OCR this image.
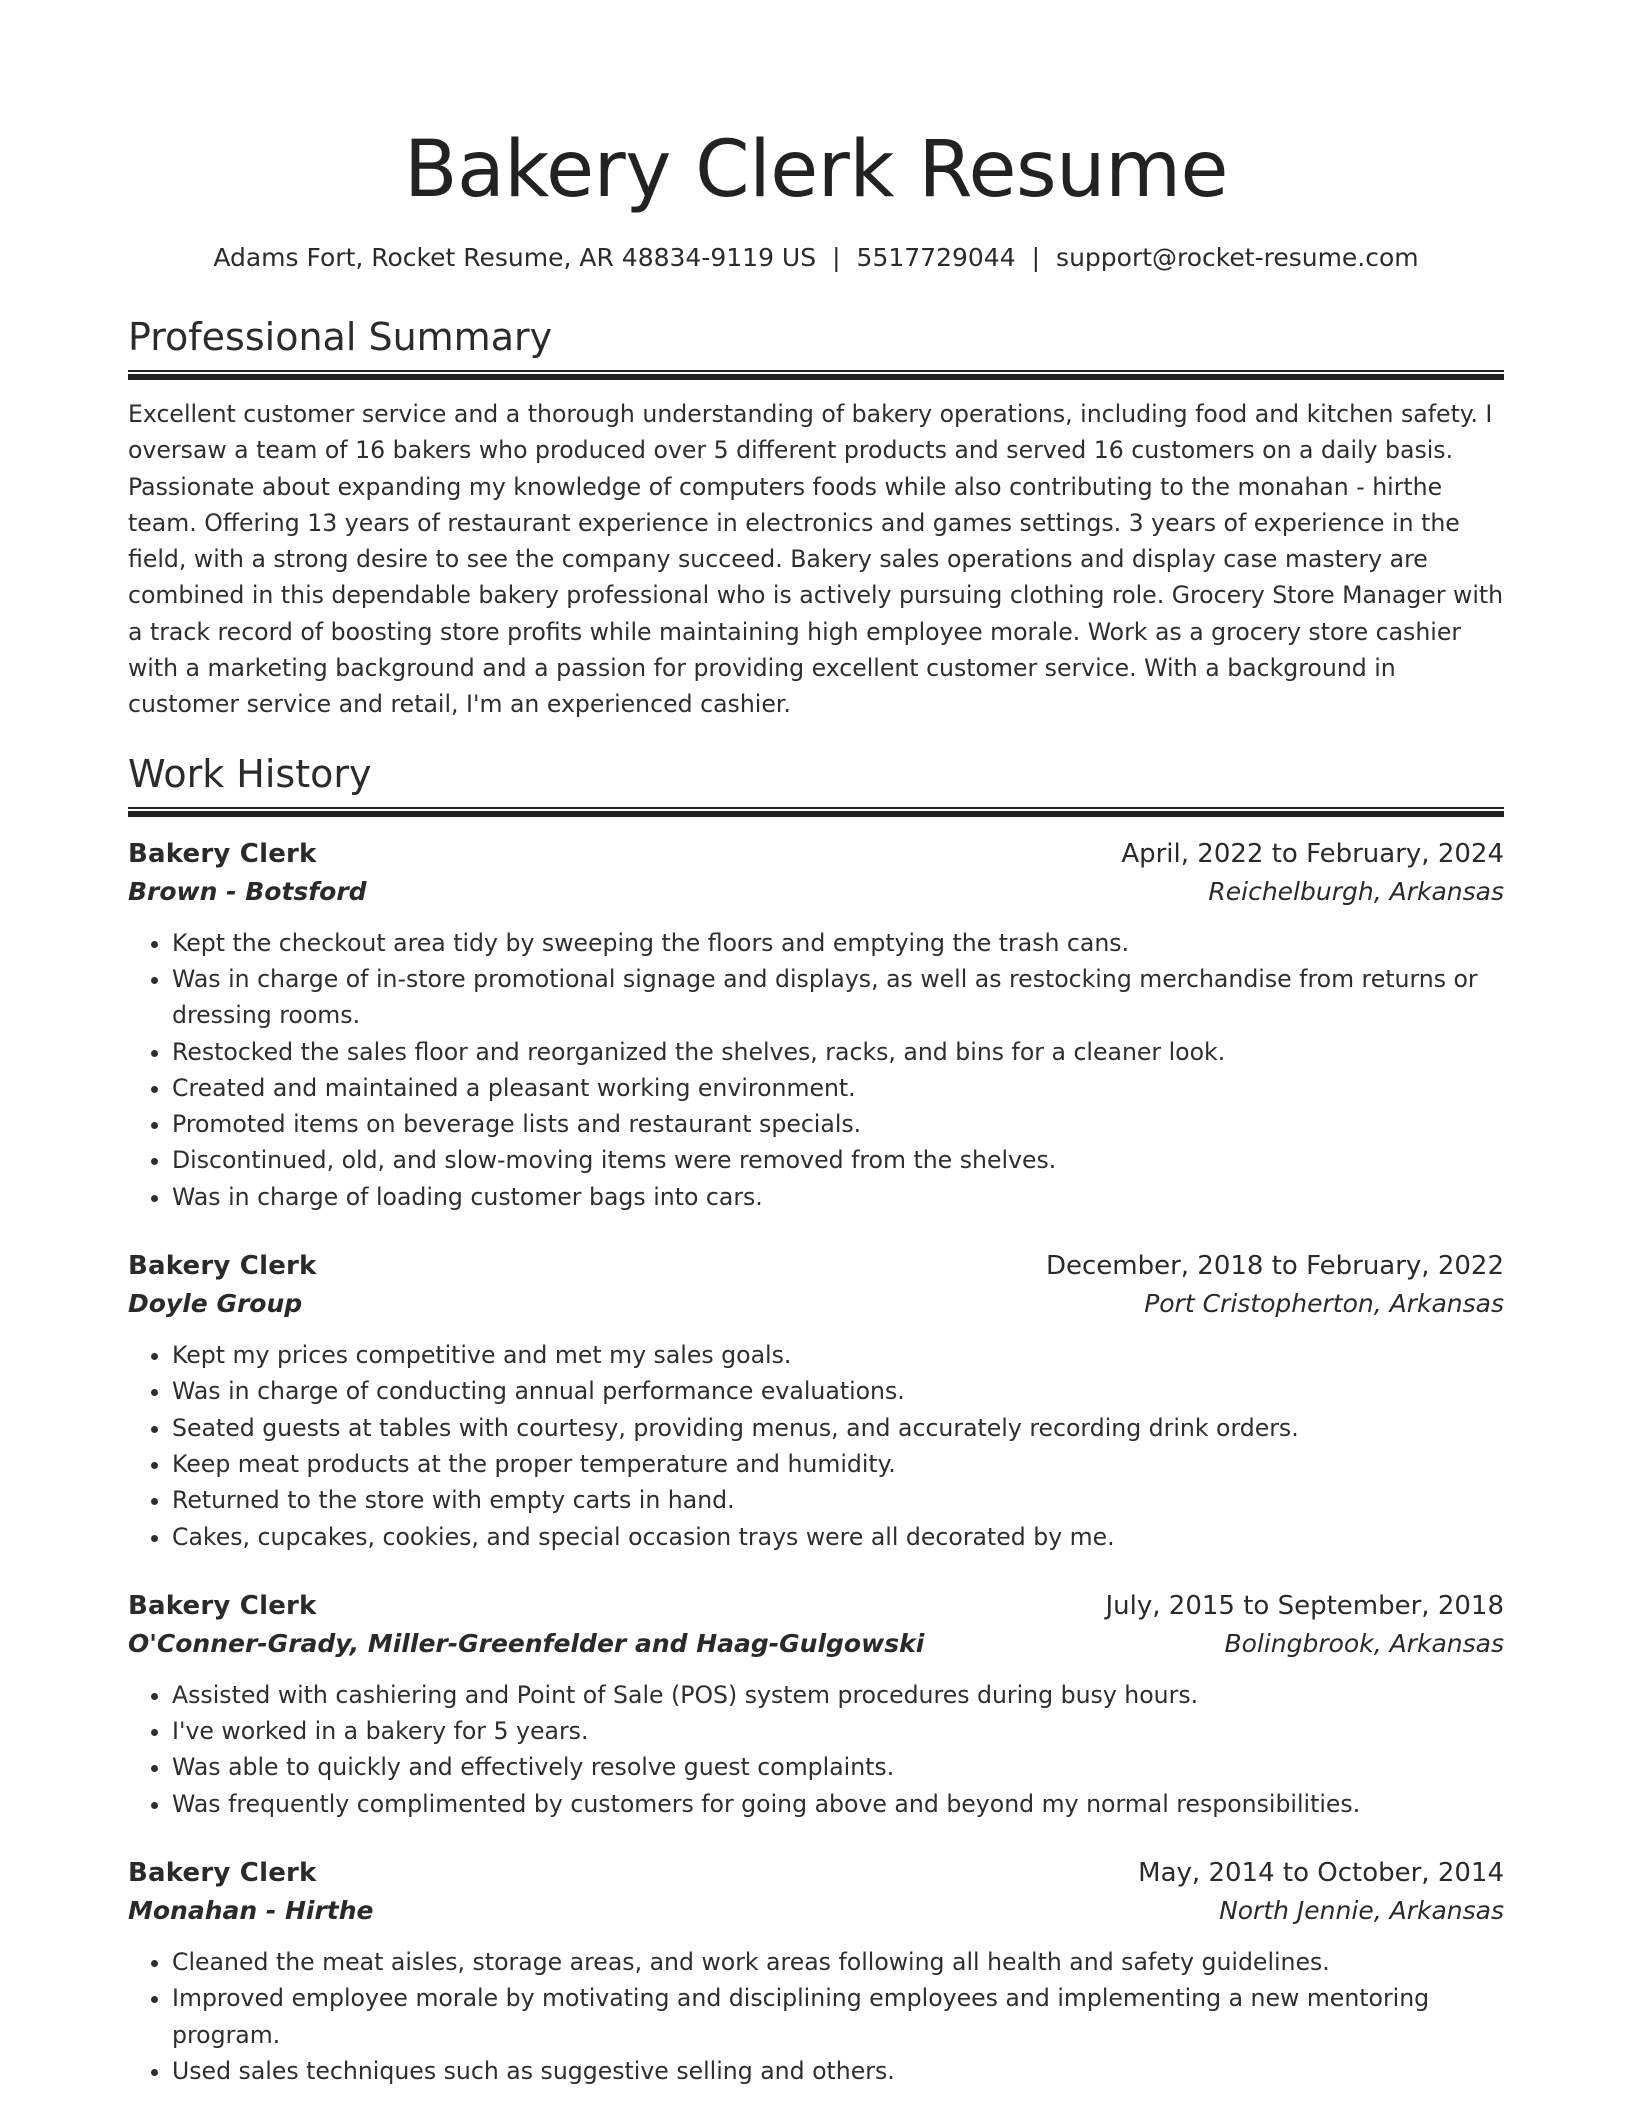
Bakery Clerk Resume
Adams Fort, Rocket Resume, AR 48834-9119 US | 5517729044 | support@rocket-resume.com
Professional Summary
Excellent customer service and a thorough understanding of bakery operations, including food and kitchen safety. I oversaw a team of 16 bakers who produced over 5 different products and served 16 customers on a daily basis. Passionate about expanding my knowledge of computers foods while also contributing to the monahan - hirthe team. Offering 13 years of restaurant experience in electronics and games settings. 3 years of experience in the field, with a strong desire to see the company succeed. Bakery sales operations and display case mastery are combined in this dependable bakery professional who is actively pursuing clothing role. Grocery Store Manager with a track record of boosting store profits while maintaining high employee morale. Work as a grocery store cashier with a marketing background and a passion for providing excellent customer service. With a background in customer service and retail, I'm an experienced cashier.
Work History
Bakery Clerk	April, 2022 to February, 2024
Brown - Botsford	Reichelburgh, Arkansas
• Kept the checkout area tidy by sweeping the floors and emptying the trash cans.
• Was in charge of in-store promotional signage and displays, as well as restocking merchandise from returns or dressing rooms.
• Restocked the sales floor and reorganized the shelves, racks, and bins for a cleaner look.
• Created and maintained a pleasant working environment.
• Promoted items on beverage lists and restaurant specials.
• Discontinued, old, and slow-moving items were removed from the shelves.
• Was in charge of loading customer bags into cars.
Bakery Clerk	December, 2018 to February, 2022
Doyle Group	Port Cristopherton, Arkansas
• Kept my prices competitive and met my sales goals.
• Was in charge of conducting annual performance evaluations.
• Seated guests at tables with courtesy, providing menus, and accurately recording drink orders.
• Keep meat products at the proper temperature and humidity.
• Returned to the store with empty carts in hand.
• Cakes, cupcakes, cookies, and special occasion trays were all decorated by me.
Bakery Clerk	July, 2015 to September, 2018
O'Conner-Grady, Miller-Greenfelder and Haag-Gulgowski	Bolingbrook, Arkansas
• Assisted with cashiering and Point of Sale (POS) system procedures during busy hours.
• I've worked in a bakery for 5 years.
• Was able to quickly and effectively resolve guest complaints.
• Was frequently complimented by customers for going above and beyond my normal responsibilities.
Bakery Clerk	May, 2014 to October, 2014
Monahan - Hirthe	North Jennie, Arkansas
• Cleaned the meat aisles, storage areas, and work areas following all health and safety guidelines.
• Improved employee morale by motivating and disciplining employees and implementing a new mentoring program.
• Used sales techniques such as suggestive selling and others.
